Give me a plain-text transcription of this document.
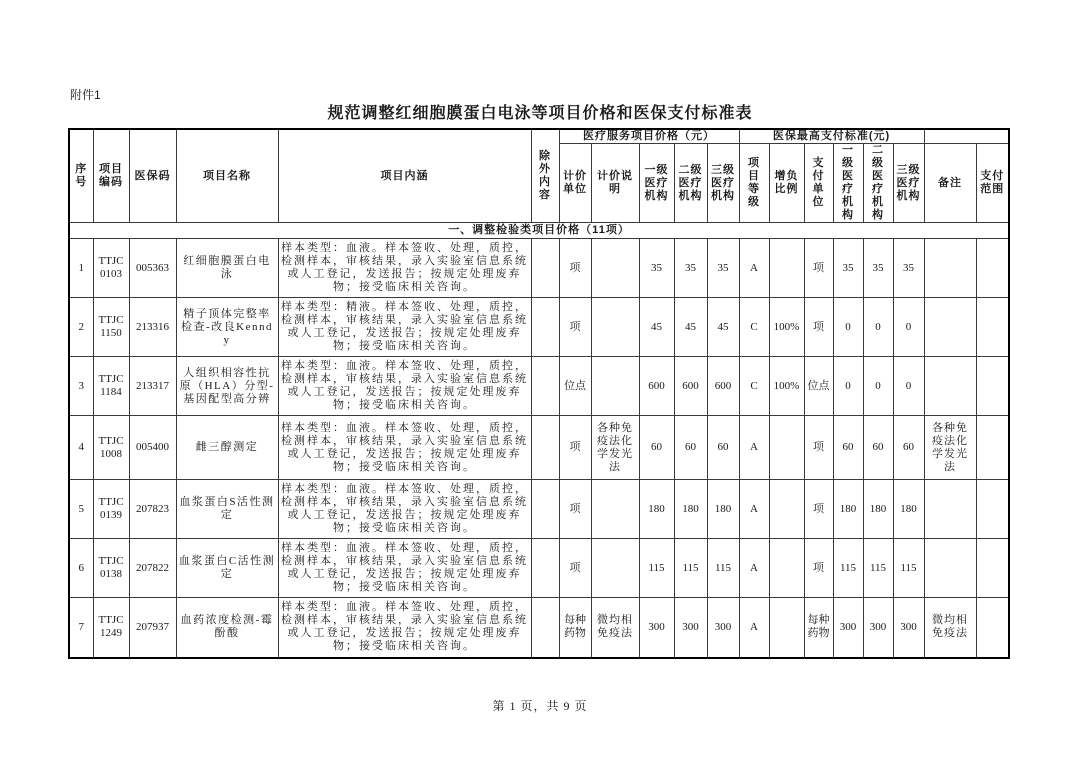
附件1
规范调整红细胞膜蛋白电泳等项目价格和医保支付标准表
序号	项目编码	医保码	项目名称	项目内涵	除外内容	医疗服务项目价格（元）					医保最高支付标准(元)							
						计价单位	计价说明	一级医疗机构	二级医疗机构	三级医疗机构	项目等级	增负比例	支付单位	一级医疗机构	二级医疗机构	三级医疗机构	备注	支付范围
一、调整检验类项目价格（11项）																		
1	TTJC 0103	005363	红细胞膜蛋白电泳	样本类型：血液。样本签收、处理，质控，检测样本，审核结果，录入实验室信息系统或人工登记，发送报告；按规定处理废弃物；接受临床相关咨询。		项		35	35	35	A		项	35	35	35		
2	TTJC 1150	213316	精子顶体完整率检查-改良Kenndy	样本类型：精液。样本签收、处理，质控，检测样本，审核结果，录入实验室信息系统或人工登记，发送报告；按规定处理废弃物；接受临床相关咨询。		项		45	45	45	C	100%	项	0	0	0		
3	TTJC 1184	213317	人组织相容性抗原（HLA）分型-基因配型高分辨	样本类型：血液。样本签收、处理，质控，检测样本，审核结果，录入实验室信息系统或人工登记，发送报告；按规定处理废弃物；接受临床相关咨询。		位点		600	600	600	C	100%	位点	0	0	0		
4	TTJC 1008	005400	雌三醇测定	样本类型：血液。样本签收、处理，质控，检测样本，审核结果，录入实验室信息系统或人工登记，发送报告；按规定处理废弃物；接受临床相关咨询。		项	各种免疫法化学发光法	60	60	60	A		项	60	60	60	各种免疫法化学发光法	
5	TTJC 0139	207823	血浆蛋白S活性测定	样本类型：血液。样本签收、处理，质控，检测样本，审核结果，录入实验室信息系统或人工登记，发送报告；按规定处理废弃物；接受临床相关咨询。		项		180	180	180	A		项	180	180	180		
6	TTJC 0138	207822	血浆蛋白C活性测定	样本类型：血液。样本签收、处理，质控，检测样本，审核结果，录入实验室信息系统或人工登记，发送报告；按规定处理废弃物；接受临床相关咨询。		项		115	115	115	A		项	115	115	115		
7	TTJC 1249	207937	血药浓度检测-霉酚酸	样本类型：血液。样本签收、处理，质控，检测样本，审核结果，录入实验室信息系统或人工登记，发送报告；按规定处理废弃物；接受临床相关咨询。		每种药物	微均相免疫法	300	300	300	A		每种药物	300	300	300	微均相免疫法	
第 1 页，共 9 页
